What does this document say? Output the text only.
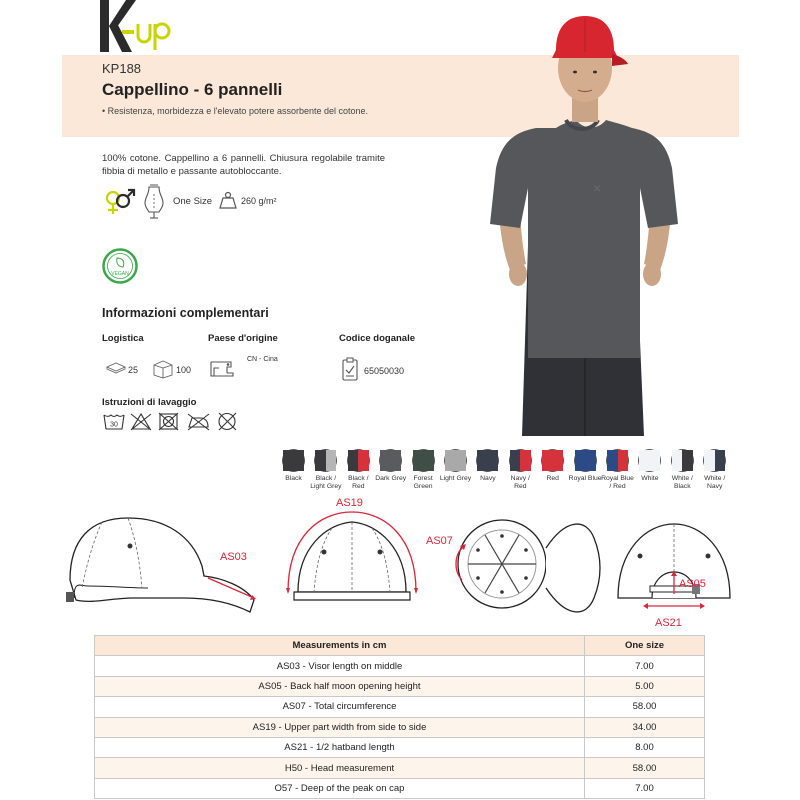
KP188
Cappellino - 6 pannelli
• Resistenza, morbidezza e l'elevato potere assorbente del cotone.
100% cotone. Cappellino a 6 pannelli. Chiusura regolabile tramite fibbia di metallo e passante autobloccante.
One Size	260 g/m²
VEGAN
Informazioni complementari
Logistica	Paese d'origine	Codice doganale
25	100
CN - Cina
65050030
Istruzioni di lavaggio
30
⤫
Black	Black / Light Grey
Black / Red
Dark Grey	Forest Green
Light Grey	Navy	Navy / Red
Red	Royal Blue Royal Blue / Red
White	White / Black
White / Navy
AS03
AS19
AS07
AS05
AS21
Measurements in cm	One size
AS03 - Visor length on middle	7.00
AS05 - Back half moon opening height	5.00
AS07 - Total circumference	58.00
AS19 - Upper part width from side to side	34.00
AS21 - 1/2 hatband length	8.00
H50 - Head measurement	58.00
O57 - Deep of the peak on cap	7.00
